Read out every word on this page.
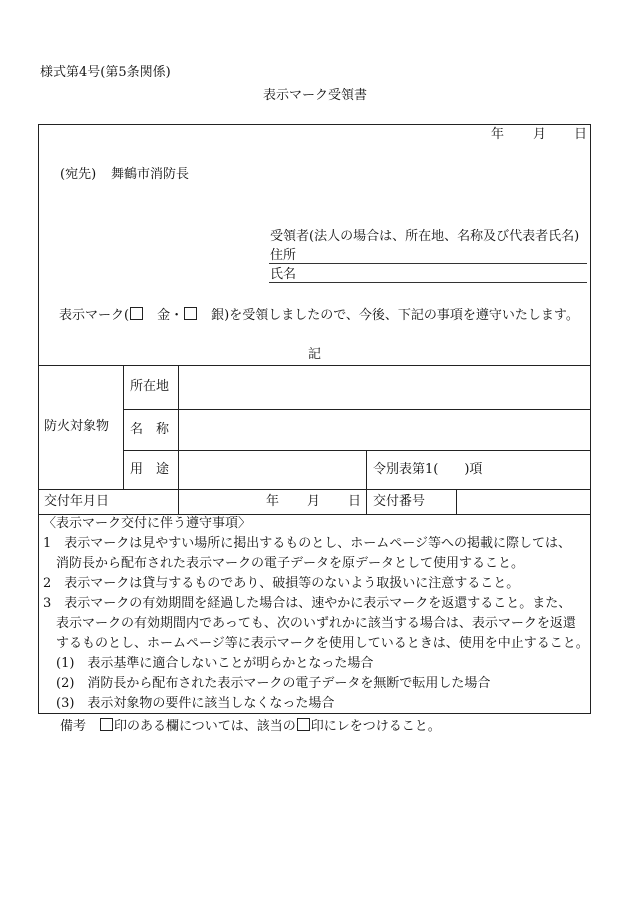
様式第4号(第5条関係)
表示マーク受領書
年 月 日
(宛先) 舞鶴市消防長
受領者(法人の場合は、所在地、名称及び代表者氏名)
住所
氏名
表示マーク(　 金・　 銀)を受領しましたので、今後、下記の事項を遵守いたします。
記
防火対象物
所在地
名　称
用　途	令別表第1(　　)項
交付年月日	年 月 日 交付番号
〈表示マーク交付に伴う遵守事項〉
1　表示マークは見やすい場所に掲出するものとし、ホームページ等への掲載に際しては、
　消防長から配布された表示マークの電子データを原データとして使用すること。
2　表示マークは貸与するものであり、破損等のないよう取扱いに注意すること。
3　表示マークの有効期間を経過した場合は、速やかに表示マークを返還すること。また、
　表示マークの有効期間内であっても、次のいずれかに該当する場合は、表示マークを返還
　するものとし、ホームページ等に表示マークを使用しているときは、使用を中止すること。
　(1)　表示基準に適合しないことが明らかとなった場合
　(2)　消防長から配布された表示マークの電子データを無断で転用した場合
　(3)　表示対象物の要件に該当しなくなった場合
備考　 印のある欄については、該当の 印にレをつけること。
